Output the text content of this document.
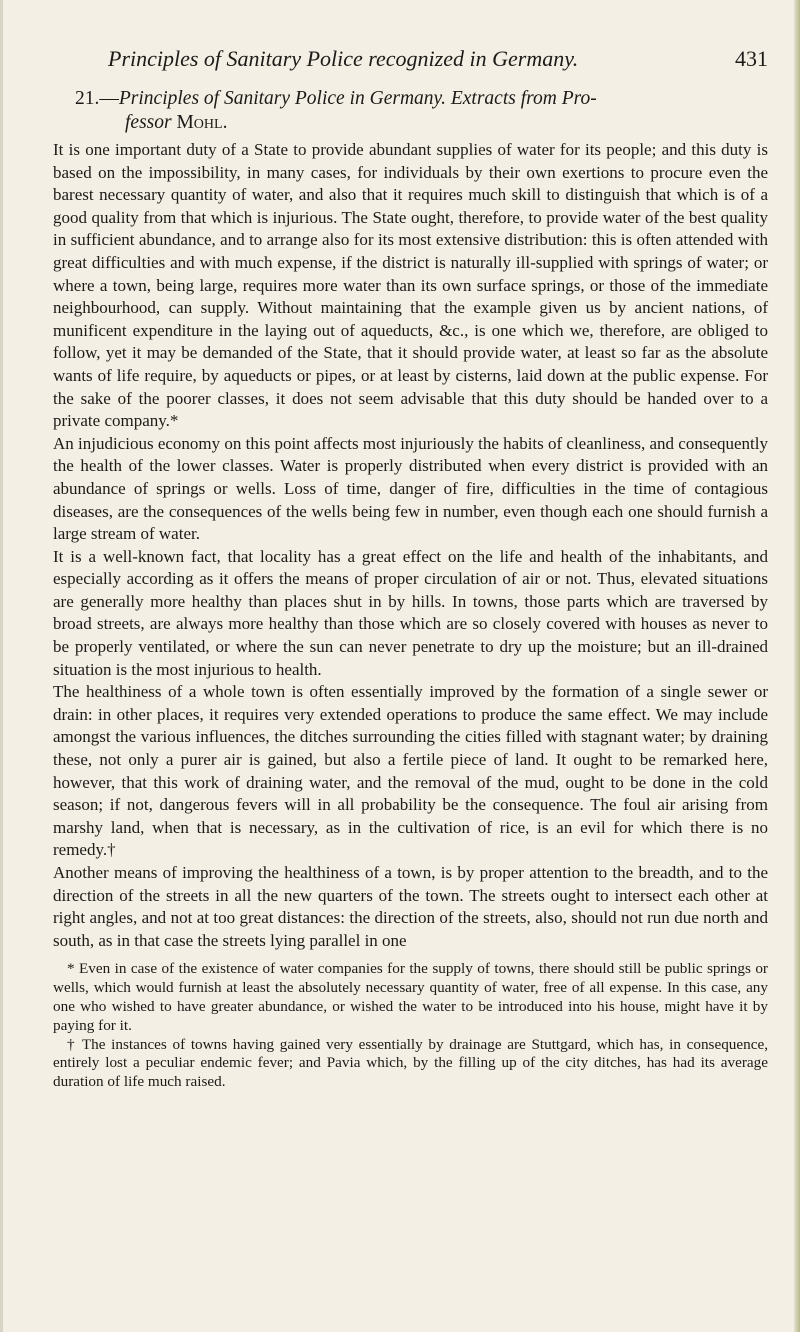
Principles of Sanitary Police recognized in Germany.	431
21.—Principles of Sanitary Police in Germany. Extracts from Pro-
fessor Mohl.

It is one important duty of a State to provide abundant supplies of water for its people; and this duty is based on the impossibility, in many cases, for individuals by their own exertions to procure even the barest necessary quantity of water, and also that it requires much skill to distinguish that which is of a good quality from that which is injurious. The State ought, therefore, to provide water of the best quality in sufficient abundance, and to arrange also for its most extensive distribution: this is often attended with great difficulties and with much expense, if the district is naturally ill-supplied with springs of water; or where a town, being large, requires more water than its own surface springs, or those of the immediate neighbourhood, can supply. Without maintaining that the example given us by ancient nations, of munificent expenditure in the laying out of aqueducts, &c., is one which we, therefore, are obliged to follow, yet it may be demanded of the State, that it should provide water, at least so far as the absolute wants of life require, by aqueducts or pipes, or at least by cisterns, laid down at the public expense. For the sake of the poorer classes, it does not seem advisable that this duty should be handed over to a private company.*

An injudicious economy on this point affects most injuriously the habits of cleanliness, and consequently the health of the lower classes. Water is properly distributed when every district is provided with an abundance of springs or wells. Loss of time, danger of fire, difficulties in the time of contagious diseases, are the consequences of the wells being few in number, even though each one should furnish a large stream of water.

It is a well-known fact, that locality has a great effect on the life and health of the inhabitants, and especially according as it offers the means of proper circulation of air or not. Thus, elevated situations are generally more healthy than places shut in by hills. In towns, those parts which are traversed by broad streets, are always more healthy than those which are so closely covered with houses as never to be properly ventilated, or where the sun can never penetrate to dry up the moisture; but an ill-drained situation is the most injurious to health.

The healthiness of a whole town is often essentially improved by the formation of a single sewer or drain: in other places, it requires very extended operations to produce the same effect. We may include amongst the various influences, the ditches surrounding the cities filled with stagnant water; by draining these, not only a purer air is gained, but also a fertile piece of land. It ought to be remarked here, however, that this work of draining water, and the removal of the mud, ought to be done in the cold season; if not, dangerous fevers will in all probability be the consequence. The foul air arising from marshy land, when that is necessary, as in the cultivation of rice, is an evil for which there is no remedy.†

Another means of improving the healthiness of a town, is by proper attention to the breadth, and to the direction of the streets in all the new quarters of the town. The streets ought to intersect each other at right angles, and not at too great distances: the direction of the streets, also, should not run due north and south, as in that case the streets lying parallel in one

* Even in case of the existence of water companies for the supply of towns, there should still be public springs or wells, which would furnish at least the absolutely necessary quantity of water, free of all expense. In this case, any one who wished to have greater abundance, or wished the water to be introduced into his house, might have it by paying for it.

† The instances of towns having gained very essentially by drainage are Stuttgard, which has, in consequence, entirely lost a peculiar endemic fever; and Pavia which, by the filling up of the city ditches, has had its average duration of life much raised.
